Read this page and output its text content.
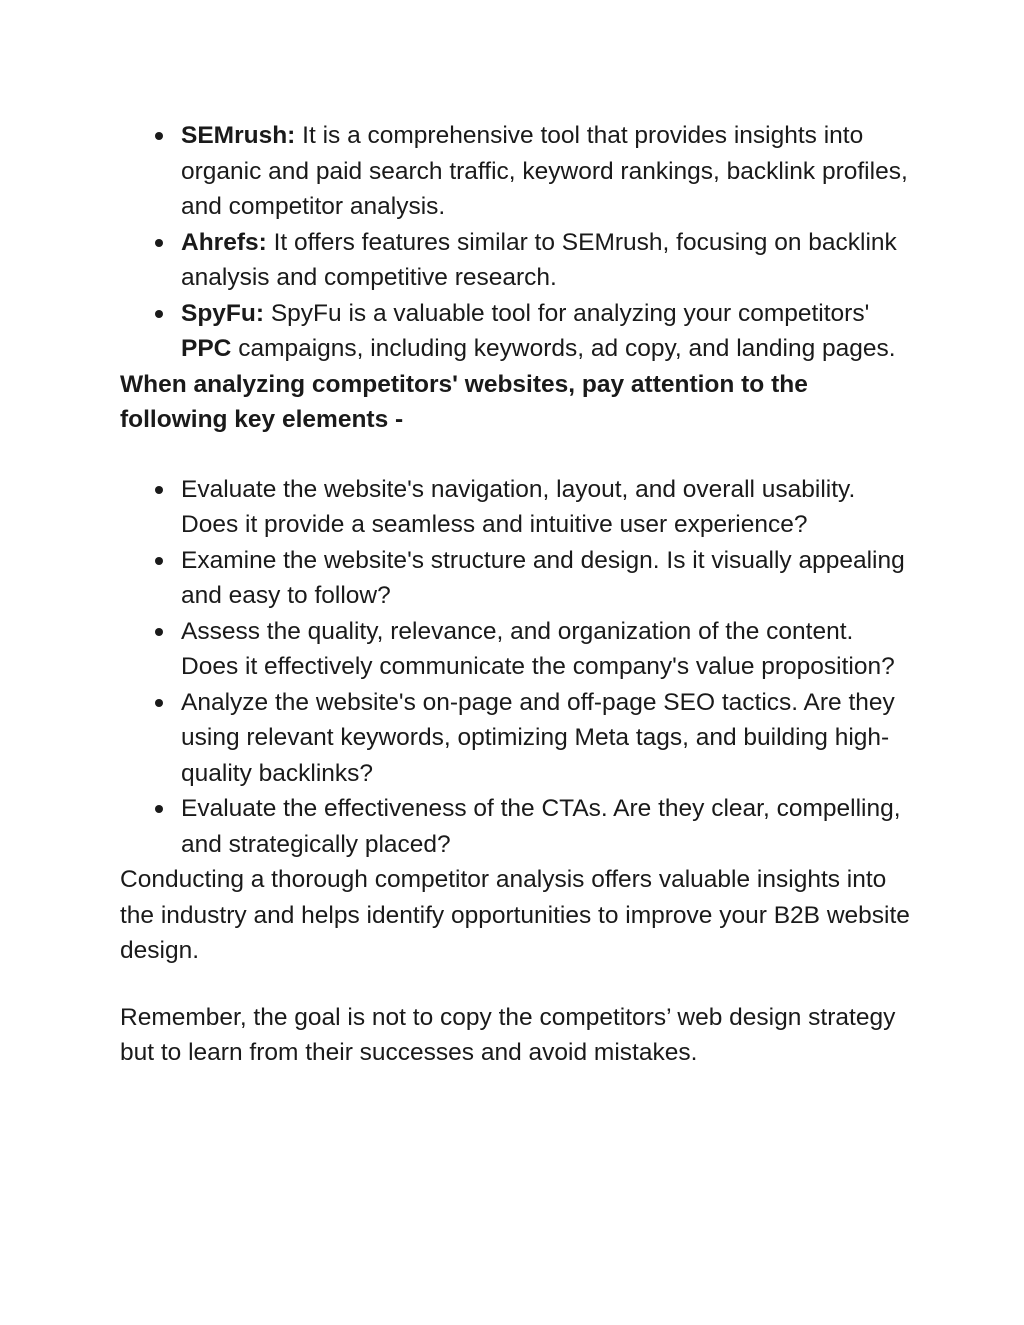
SEMrush: It is a comprehensive tool that provides insights into organic and paid search traffic, keyword rankings, backlink profiles, and competitor analysis.
Ahrefs: It offers features similar to SEMrush, focusing on backlink analysis and competitive research.
SpyFu: SpyFu is a valuable tool for analyzing your competitors' PPC campaigns, including keywords, ad copy, and landing pages.

When analyzing competitors' websites, pay attention to the following key elements -

Evaluate the website's navigation, layout, and overall usability. Does it provide a seamless and intuitive user experience?
Examine the website's structure and design. Is it visually appealing and easy to follow?
Assess the quality, relevance, and organization of the content. Does it effectively communicate the company's value proposition?
Analyze the website's on-page and off-page SEO tactics. Are they using relevant keywords, optimizing Meta tags, and building high-quality backlinks?
Evaluate the effectiveness of the CTAs. Are they clear, compelling, and strategically placed?

Conducting a thorough competitor analysis offers valuable insights into the industry and helps identify opportunities to improve your B2B website design.

Remember, the goal is not to copy the competitors’ web design strategy but to learn from their successes and avoid mistakes.
